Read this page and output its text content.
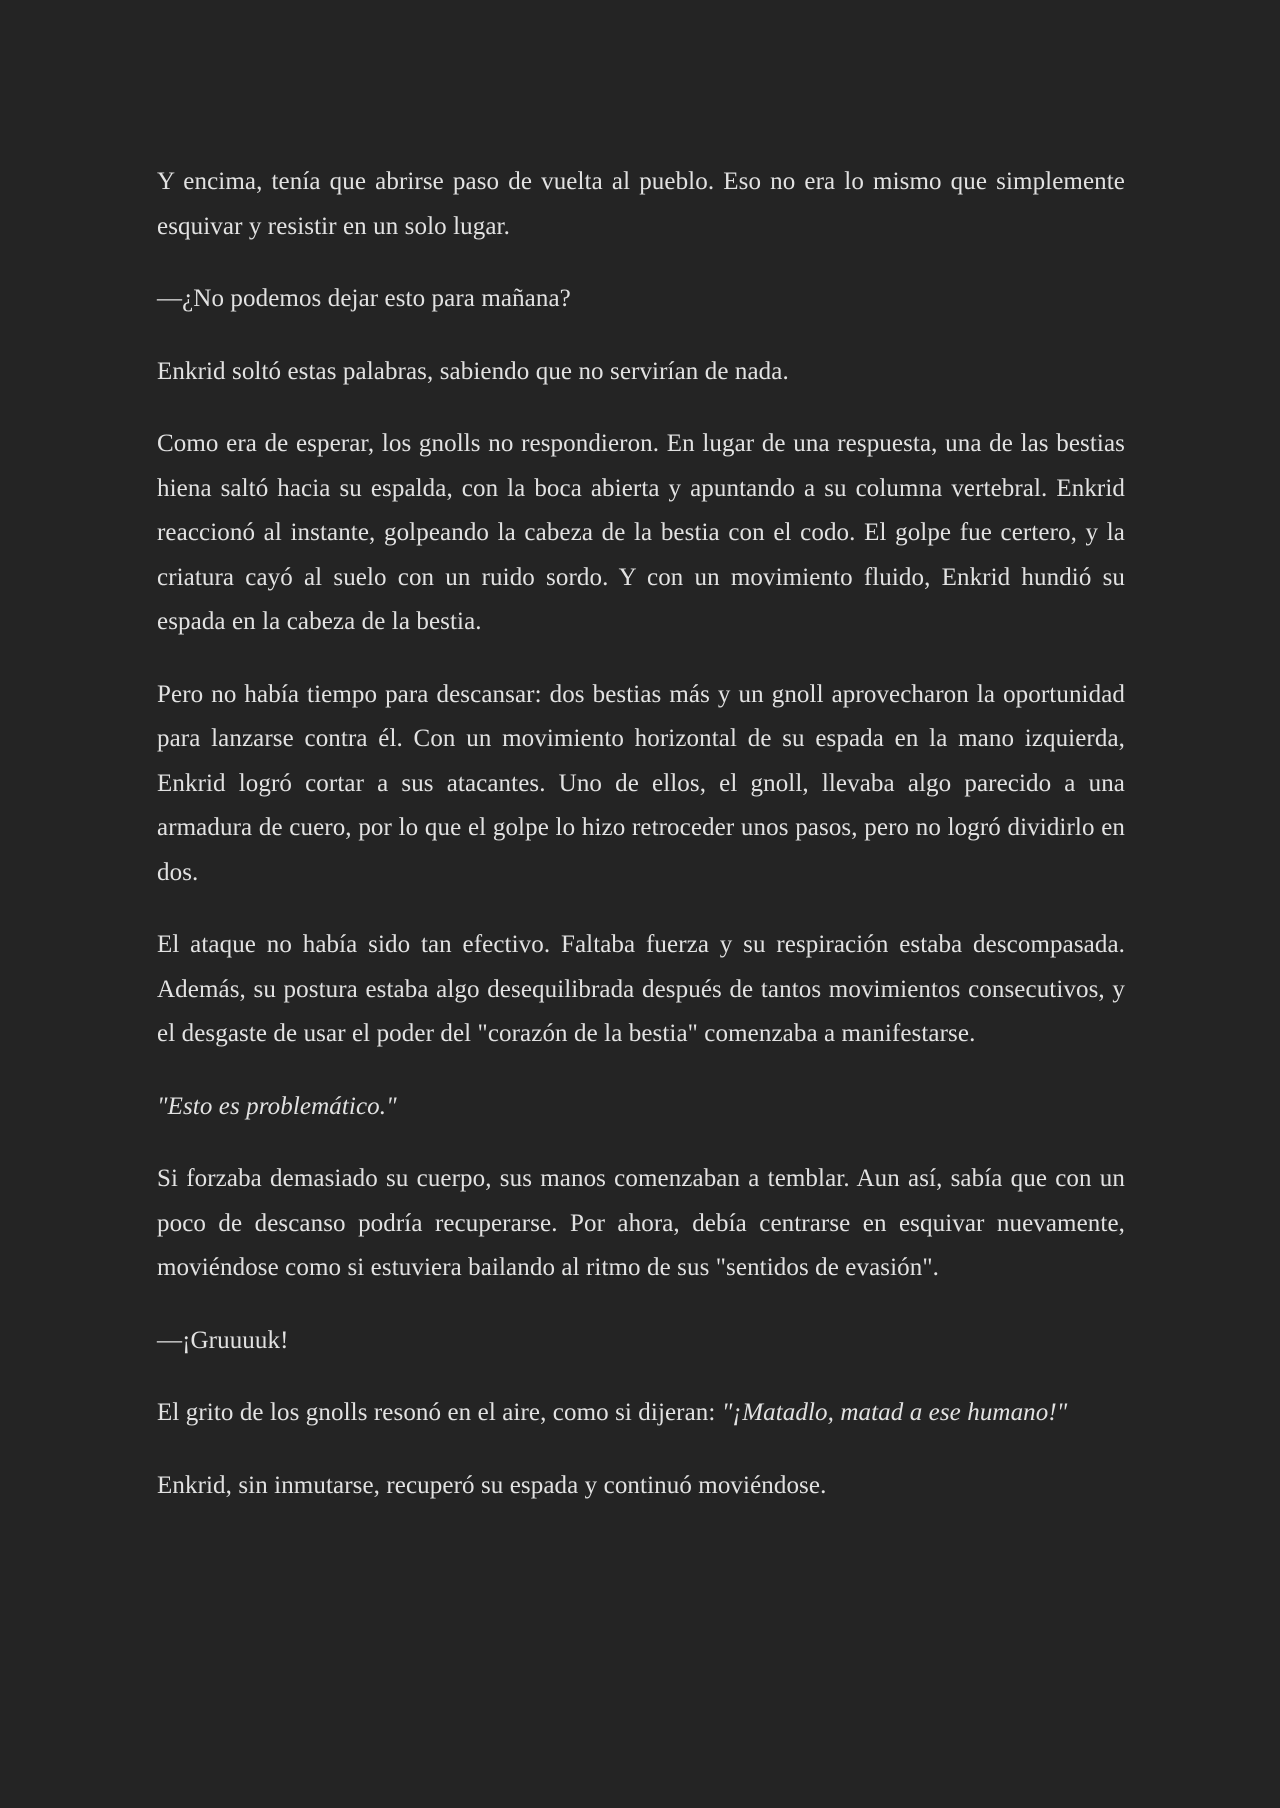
Y encima, tenía que abrirse paso de vuelta al pueblo. Eso no era lo mismo que simplemente esquivar y resistir en un solo lugar.

—¿No podemos dejar esto para mañana?

Enkrid soltó estas palabras, sabiendo que no servirían de nada.

Como era de esperar, los gnolls no respondieron. En lugar de una respuesta, una de las bestias hiena saltó hacia su espalda, con la boca abierta y apuntando a su columna vertebral. Enkrid reaccionó al instante, golpeando la cabeza de la bestia con el codo. El golpe fue certero, y la criatura cayó al suelo con un ruido sordo. Y con un movimiento fluido, Enkrid hundió su espada en la cabeza de la bestia.

Pero no había tiempo para descansar: dos bestias más y un gnoll aprovecharon la oportunidad para lanzarse contra él. Con un movimiento horizontal de su espada en la mano izquierda, Enkrid logró cortar a sus atacantes. Uno de ellos, el gnoll, llevaba algo parecido a una armadura de cuero, por lo que el golpe lo hizo retroceder unos pasos, pero no logró dividirlo en dos.

El ataque no había sido tan efectivo. Faltaba fuerza y su respiración estaba descompasada. Además, su postura estaba algo desequilibrada después de tantos movimientos consecutivos, y el desgaste de usar el poder del "corazón de la bestia" comenzaba a manifestarse.

"Esto es problemático."

Si forzaba demasiado su cuerpo, sus manos comenzaban a temblar. Aun así, sabía que con un poco de descanso podría recuperarse. Por ahora, debía centrarse en esquivar nuevamente, moviéndose como si estuviera bailando al ritmo de sus "sentidos de evasión".

—¡Gruuuuk!

El grito de los gnolls resonó en el aire, como si dijeran: "¡Matadlo, matad a ese humano!"

Enkrid, sin inmutarse, recuperó su espada y continuó moviéndose.
